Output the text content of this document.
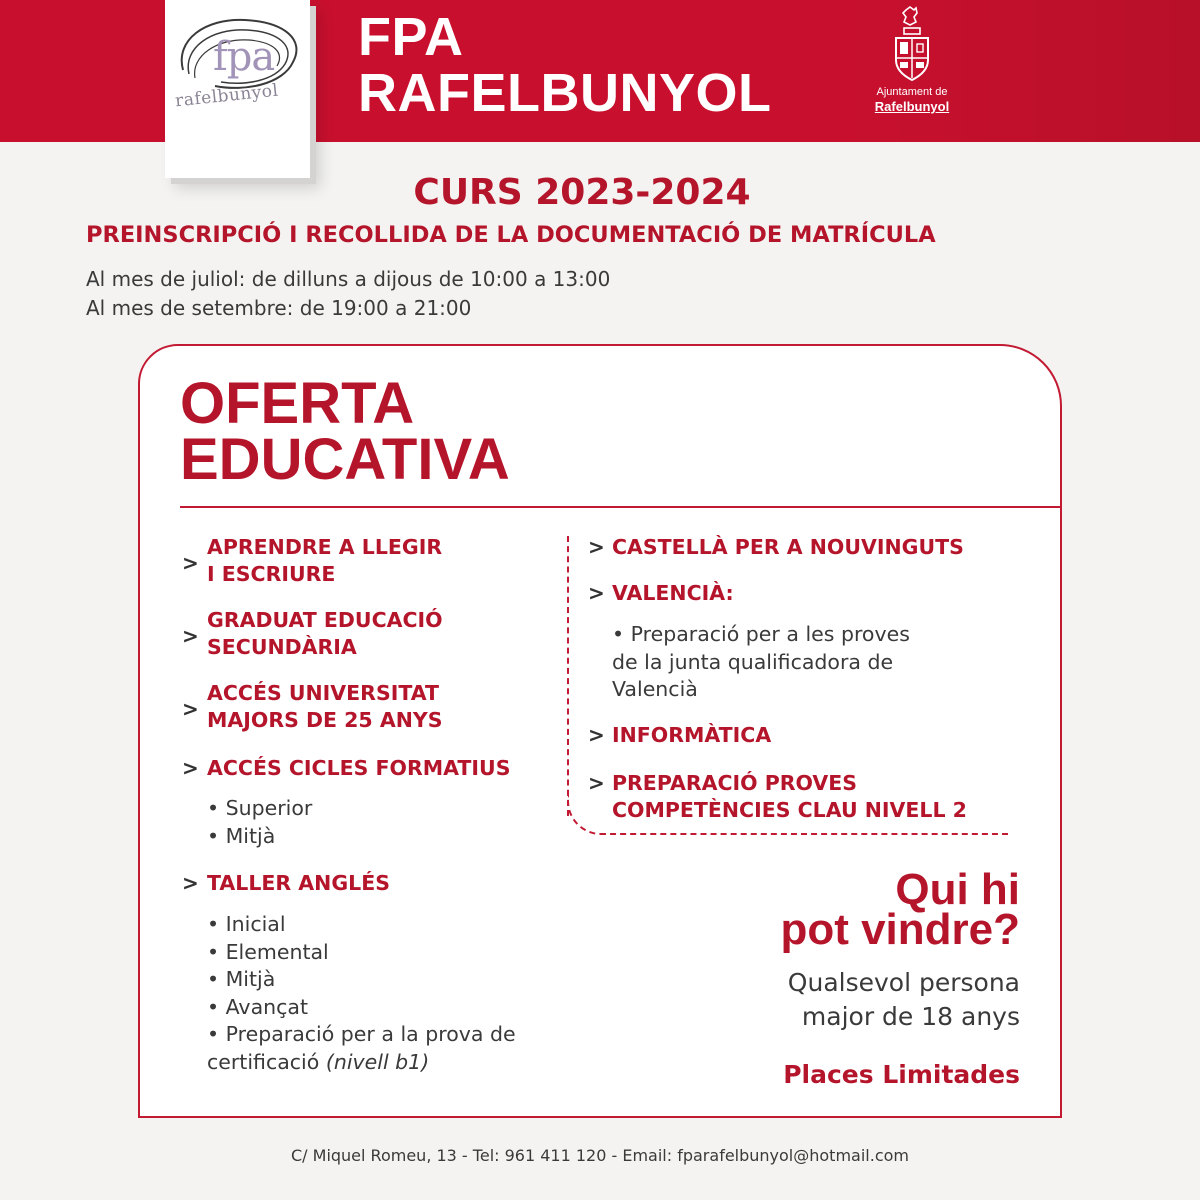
fpa
rafelbunyol
FPA
RAFELBUNYOL	Ajuntament de
Rafelbunyol
CURS 2023-2024
PREINSCRIPCIÓ I RECOLLIDA DE LA DOCUMENTACIÓ DE MATRÍCULA
Al mes de juliol: de dilluns a dijous de 10:00 a 13:00
Al mes de setembre: de 19:00 a 21:00
OFERTA
EDUCATIVA
>
APRENDRE A LLEGIR
I ESCRIURE
>
GRADUAT EDUCACIÓ
SECUNDÀRIA
>
ACCÉS UNIVERSITAT
MAJORS DE 25 ANYS
> ACCÉS CICLES FORMATIUS
• Superior
• Mitjà
> TALLER ANGLÉS
• Inicial
• Elemental
• Mitjà
• Avançat
• Preparació per a la prova de
certificació (nivell b1)
> CASTELLÀ PER A NOUVINGUTS
> VALENCIÀ:
• Preparació per a les proves
de la junta qualificadora de
Valencià
> INFORMÀTICA
> PREPARACIÓ PROVES
COMPETÈNCIES CLAU NIVELL 2
Qui hi
pot vindre?
Qualsevol persona
major de 18 anys
Places Limitades
C/ Miquel Romeu, 13 - Tel: 961 411 120 - Email: fparafelbunyol@hotmail.com
